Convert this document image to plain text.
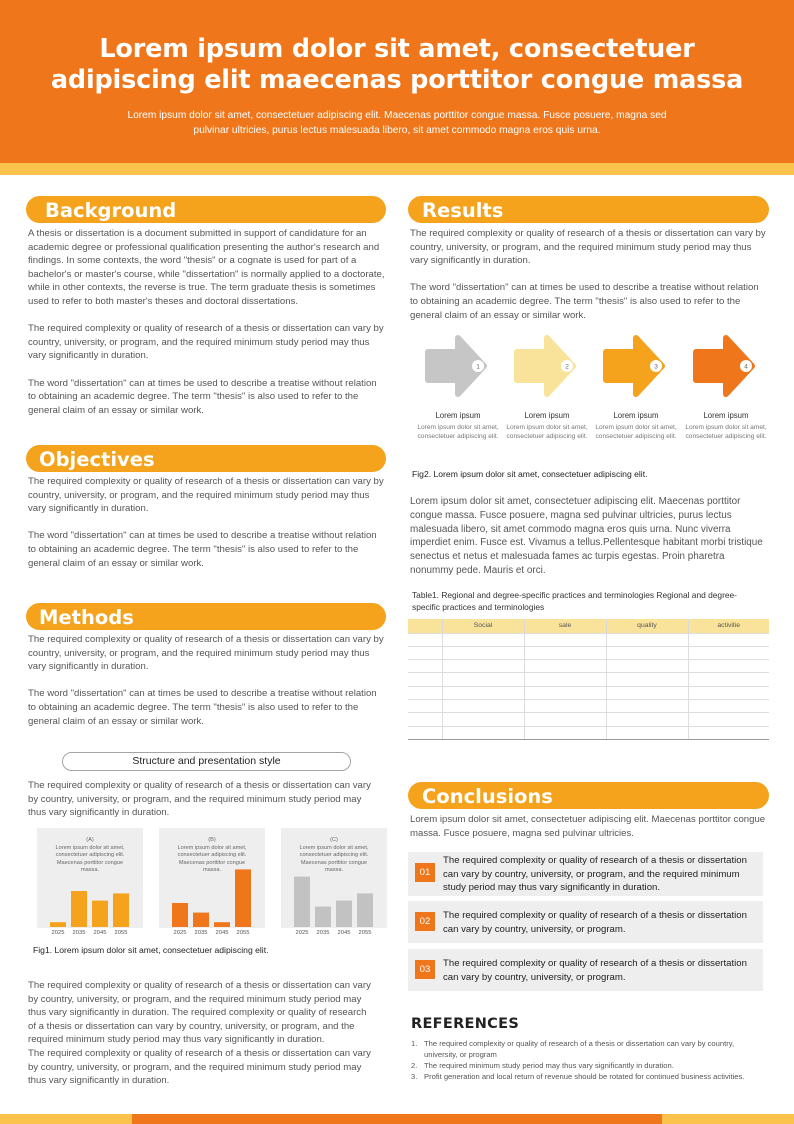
Lorem ipsum dolor sit amet, consectetuer
adipiscing elit maecenas porttitor congue massa

Lorem ipsum dolor sit amet, consectetuer adipiscing elit. Maecenas porttitor congue massa. Fusce posuere, magna sed
pulvinar ultricies, purus lectus malesuada libero, sit amet commodo magna eros quis urna.

Background

A thesis or dissertation is a document submitted in support of candidature for an academic degree or professional qualification presenting the author's research and findings. In some contexts, the word "thesis" or a cognate is used for part of a bachelor's or master's course, while "dissertation" is normally applied to a doctorate, while in other contexts, the reverse is true. The term graduate thesis is sometimes used to refer to both master's theses and doctoral dissertations.

The required complexity or quality of research of a thesis or dissertation can vary by country, university, or program, and the required minimum study period may thus vary significantly in duration.

The word "dissertation" can at times be used to describe a treatise without relation to obtaining an academic degree. The term "thesis" is also used to refer to the general claim of an essay or similar work.

Objectives

The required complexity or quality of research of a thesis or dissertation can vary by country, university, or program, and the required minimum study period may thus vary significantly in duration.

The word "dissertation" can at times be used to describe a treatise without relation to obtaining an academic degree. The term "thesis" is also used to refer to the general claim of an essay or similar work.

Methods

The required complexity or quality of research of a thesis or dissertation can vary by country, university, or program, and the required minimum study period may thus vary significantly in duration.

The word "dissertation" can at times be used to describe a treatise without relation to obtaining an academic degree. The term "thesis" is also used to refer to the general claim of an essay or similar work.

Structure and presentation style

The required complexity or quality of research of a thesis or dissertation can vary by country, university, or program, and the required minimum study period may thus vary significantly in duration.

(A)
Lorem ipsum dolor sit amet, consectetuer adipiscing elit. Maecenas porttitor congue massa.
2025	2035	2045	2055
(B)
Lorem ipsum dolor sit amet, consectetuer adipiscing elit. Maecenas porttitor congue massa.
2025	2035	2045	2055
(C)
Lorem ipsum dolor sit amet, consectetuer adipiscing elit. Maecenas porttitor congue massa.
2025	2035	2045	2055
Fig1. Lorem ipsum dolor sit amet, consectetuer adipiscing elit.
The required complexity or quality of research of a thesis or dissertation can vary by country, university, or program, and the required minimum study period may thus vary significantly in duration. The required complexity or quality of research of a thesis or dissertation can vary by country, university, or program, and the required minimum study period may thus vary significantly in duration.
The required complexity or quality of research of a thesis or dissertation can vary by country, university, or program, and the required minimum study period may thus vary significantly in duration.
Results

The required complexity or quality of research of a thesis or dissertation can vary by country, university, or program, and the required minimum study period may thus vary significantly in duration.

The word "dissertation" can at times be used to describe a treatise without relation to obtaining an academic degree. The term "thesis" is also used to refer to the general claim of an essay or similar work.

1
Lorem ipsum
Lorem ipsum dolor sit amet, consectetuer adipiscing elit.
2
Lorem ipsum
Lorem ipsum dolor sit amet, consectetuer adipiscing elit.
3
Lorem ipsum
Lorem ipsum dolor sit amet, consectetuer adipiscing elit.
4
Lorem ipsum
Lorem ipsum dolor sit amet, consectetuer adipiscing elit.
Fig2. Lorem ipsum dolor sit amet, consectetuer adipiscing elit.
Lorem ipsum dolor sit amet, consectetuer adipiscing elit. Maecenas porttitor congue massa. Fusce posuere, magna sed pulvinar ultricies, purus lectus malesuada libero, sit amet commodo magna eros quis urna. Nunc viverra imperdiet enim. Fusce est. Vivamus a tellus.Pellentesque habitant morbi tristique senectus et netus et malesuada fames ac turpis egestas. Proin pharetra nonummy pede. Mauris et orci.
Table1. Regional and degree-specific practices and terminologies Regional and degree-specific practices and terminologies
	Social	sale	quality	activitie

Conclusions
Lorem ipsum dolor sit amet, consectetuer adipiscing elit. Maecenas porttitor congue massa. Fusce posuere, magna sed pulvinar ultricies.
01
The required complexity or quality of research of a thesis or dissertation can vary by country, university, or program, and the required minimum study period may thus vary significantly in duration.
02
The required complexity or quality of research of a thesis or dissertation can vary by country, university, or program.
03
The required complexity or quality of research of a thesis or dissertation can vary by country, university, or program.
REFERENCES
1. The required complexity or quality of research of a thesis or dissertation can vary by country, university, or program
2. The required minimum study period may thus vary significantly in duration.
3. Profit generation and local return of revenue should be rotated for continued business activities.
